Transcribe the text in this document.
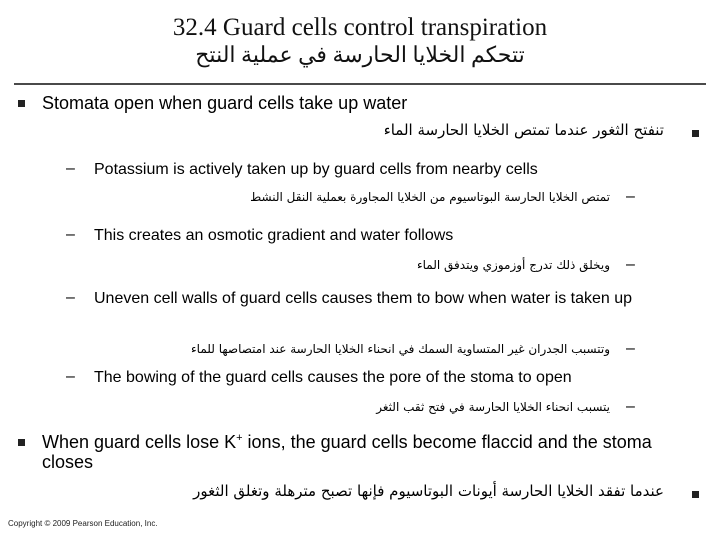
32.4 Guard cells control transpiration
تتحكم الخلايا الحارسة في عملية النتح
Stomata open when guard cells take up water
تنفتح الثغور عندما تمتص الخلايا الحارسة الماء
– Potassium is actively taken up by guard cells from nearby cells
–
تمتص الخلايا الحارسة البوتاسيوم من الخلايا المجاورة بعملية النقل النشط
– This creates an osmotic gradient and water follows
–
ويخلق ذلك تدرج أوزموزي ويتدفق الماء
– Uneven cell walls of guard cells causes them to bow when water is taken up
–
وتتسبب الجدران غير المتساوية السمك في انحناء الخلايا الحارسة عند امتصاصها للماء
– The bowing of the guard cells causes the pore of the stoma to open
–
يتسبب انحناء الخلايا الحارسة في فتح ثقب الثغر
When guard cells lose K+ ions, the guard cells become flaccid and the stoma closes
عندما تفقد الخلايا الحارسة أيونات البوتاسيوم فإنها تصبح مترهلة وتغلق الثغور
Copyright © 2009 Pearson Education, Inc.
